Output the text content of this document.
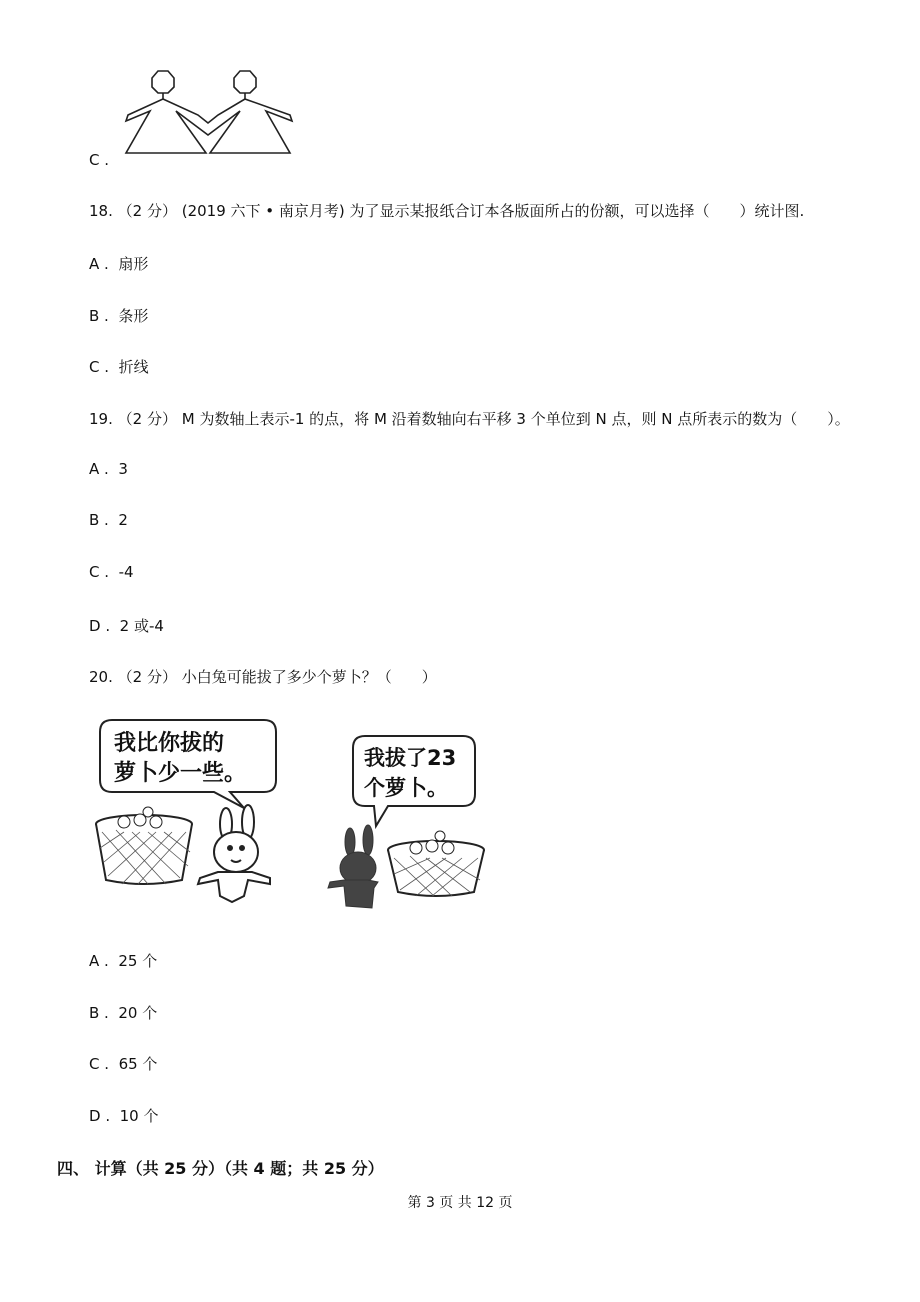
C .
18. （2 分） (2019 六下 • 南京月考) 为了显示某报纸合订本各版面所占的份额，可以选择（　　）统计图.
A . 扇形
B . 条形
C . 折线
19. （2 分） M 为数轴上表示-1 的点，将 M 沿着数轴向右平移 3 个单位到 N 点，则 N 点所表示的数为（　　）。
A . 3
B . 2
C . -4
D . 2 或-4
20. （2 分） 小白兔可能拔了多少个萝卜？（　　）
我比你拔的
萝卜少一些。
我拔了23
个萝卜。
A . 25 个
B . 20 个
C . 65 个
D . 10 个
四、 计算（共 25 分）（共 4 题；共 25 分）
第 3 页 共 12 页
